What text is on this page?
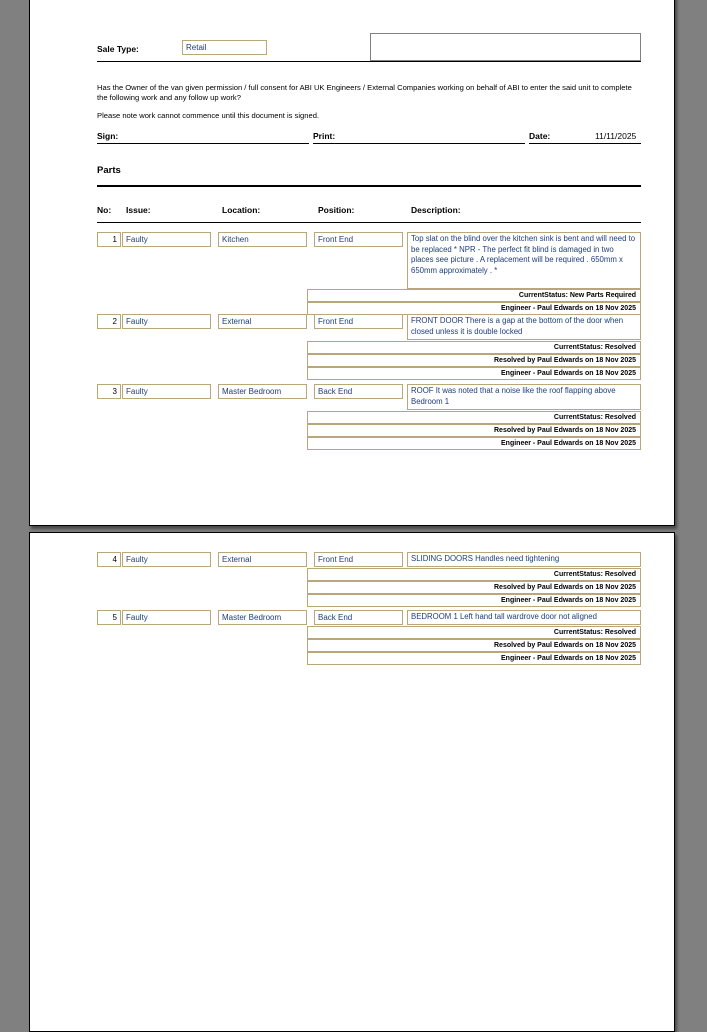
Sale Type:	Retail
Has the Owner of the van given permission / full consent for ABI UK Engineers / External Companies working on behalf of ABI to enter the said unit to complete the following work and any follow up work?
Please note work cannot commence until this document is signed.
Sign:	Print:	Date:	11/11/2025
Parts
No: Issue:	Location:	Position:	Description:
1	Faulty	Kitchen	Front End	Top slat on the blind over the kitchen sink is bent and will need to be replaced * NPR - The perfect fit blind is damaged in two places see picture . A replacement will be required . 650mm x 650mm approximately . *
CurrentStatus: New Parts Required
Engineer - Paul Edwards on 18 Nov 2025
2	Faulty	External	Front End	FRONT DOOR There is a gap at the bottom of the door when closed unless it is double locked
CurrentStatus: Resolved
Resolved by Paul Edwards on 18 Nov 2025
Engineer - Paul Edwards on 18 Nov 2025
3	Faulty	Master Bedroom	Back End	ROOF It was noted that a noise like the roof flapping above Bedroom 1
CurrentStatus: Resolved
Resolved by Paul Edwards on 18 Nov 2025
Engineer - Paul Edwards on 18 Nov 2025
4	Faulty	External	Front End	SLIDING DOORS Handles need tightening
CurrentStatus: Resolved
Resolved by Paul Edwards on 18 Nov 2025
Engineer - Paul Edwards on 18 Nov 2025
5	Faulty	Master Bedroom	Back End	BEDROOM 1 Left hand tall wardrove door not aligned
CurrentStatus: Resolved
Resolved by Paul Edwards on 18 Nov 2025
Engineer - Paul Edwards on 18 Nov 2025
